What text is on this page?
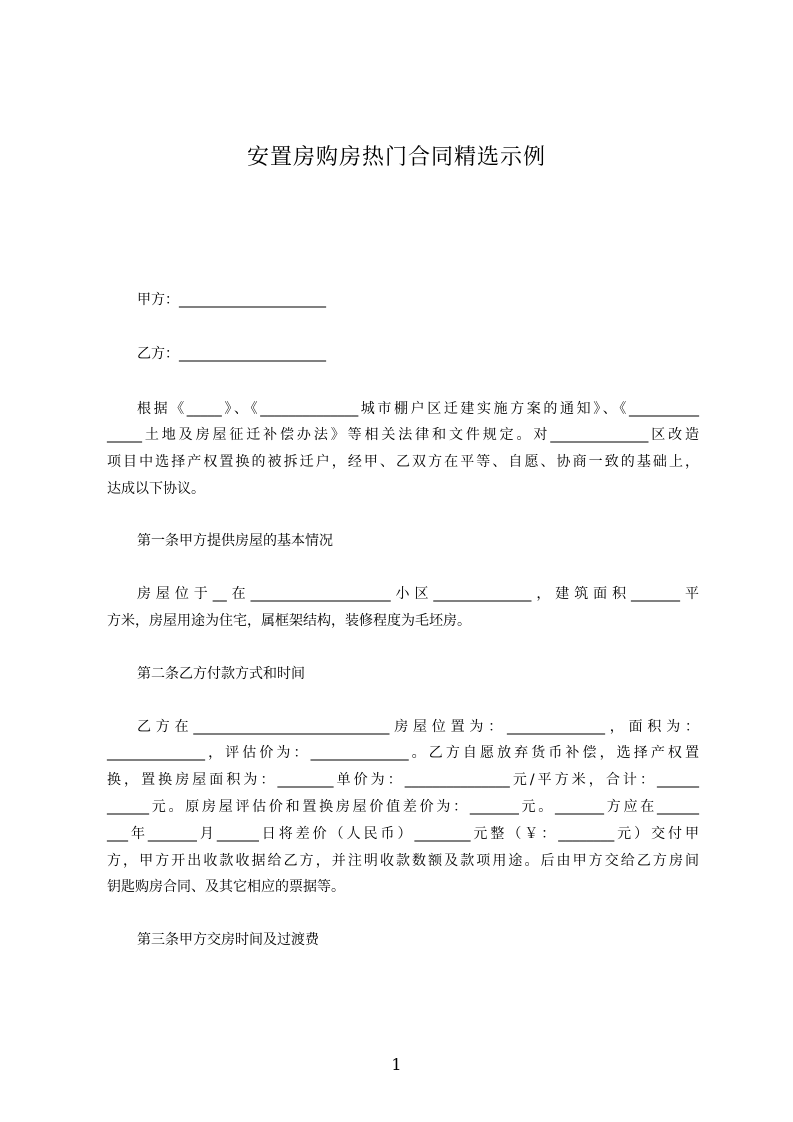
安置房购房热门合同精选示例
甲方：_____________________
乙方：_____________________
根据《_____》、《______________城市棚户区迁建实施方案的通知》、《__________
_____土地及房屋征迁补偿办法》等相关法律和文件规定。对______________区改造
项目中选择产权置换的被拆迁户，经甲、乙双方在平等、自愿、协商一致的基础上，
达成以下协议。
第一条甲方提供房屋的基本情况
房屋位于__在____________________小区______________，建筑面积_______平
方米，房屋用途为住宅，属框架结构，装修程度为毛坯房。
第二条乙方付款方式和时间
乙方在____________________________房屋位置为：______________，面积为：
______________，评估价为：______________。乙方自愿放弃货币补偿，选择产权置
换，置换房屋面积为：________单价为：_______________元/平方米，合计：______
______元。原房屋评估价和置换房屋价值差价为：_______元。_______方应在______
___年_______月______日将差价（人民币）________元整（￥：________元）交付甲
方，甲方开出收款收据给乙方，并注明收款数额及款项用途。后由甲方交给乙方房间
钥匙购房合同、及其它相应的票据等。
第三条甲方交房时间及过渡费
1
